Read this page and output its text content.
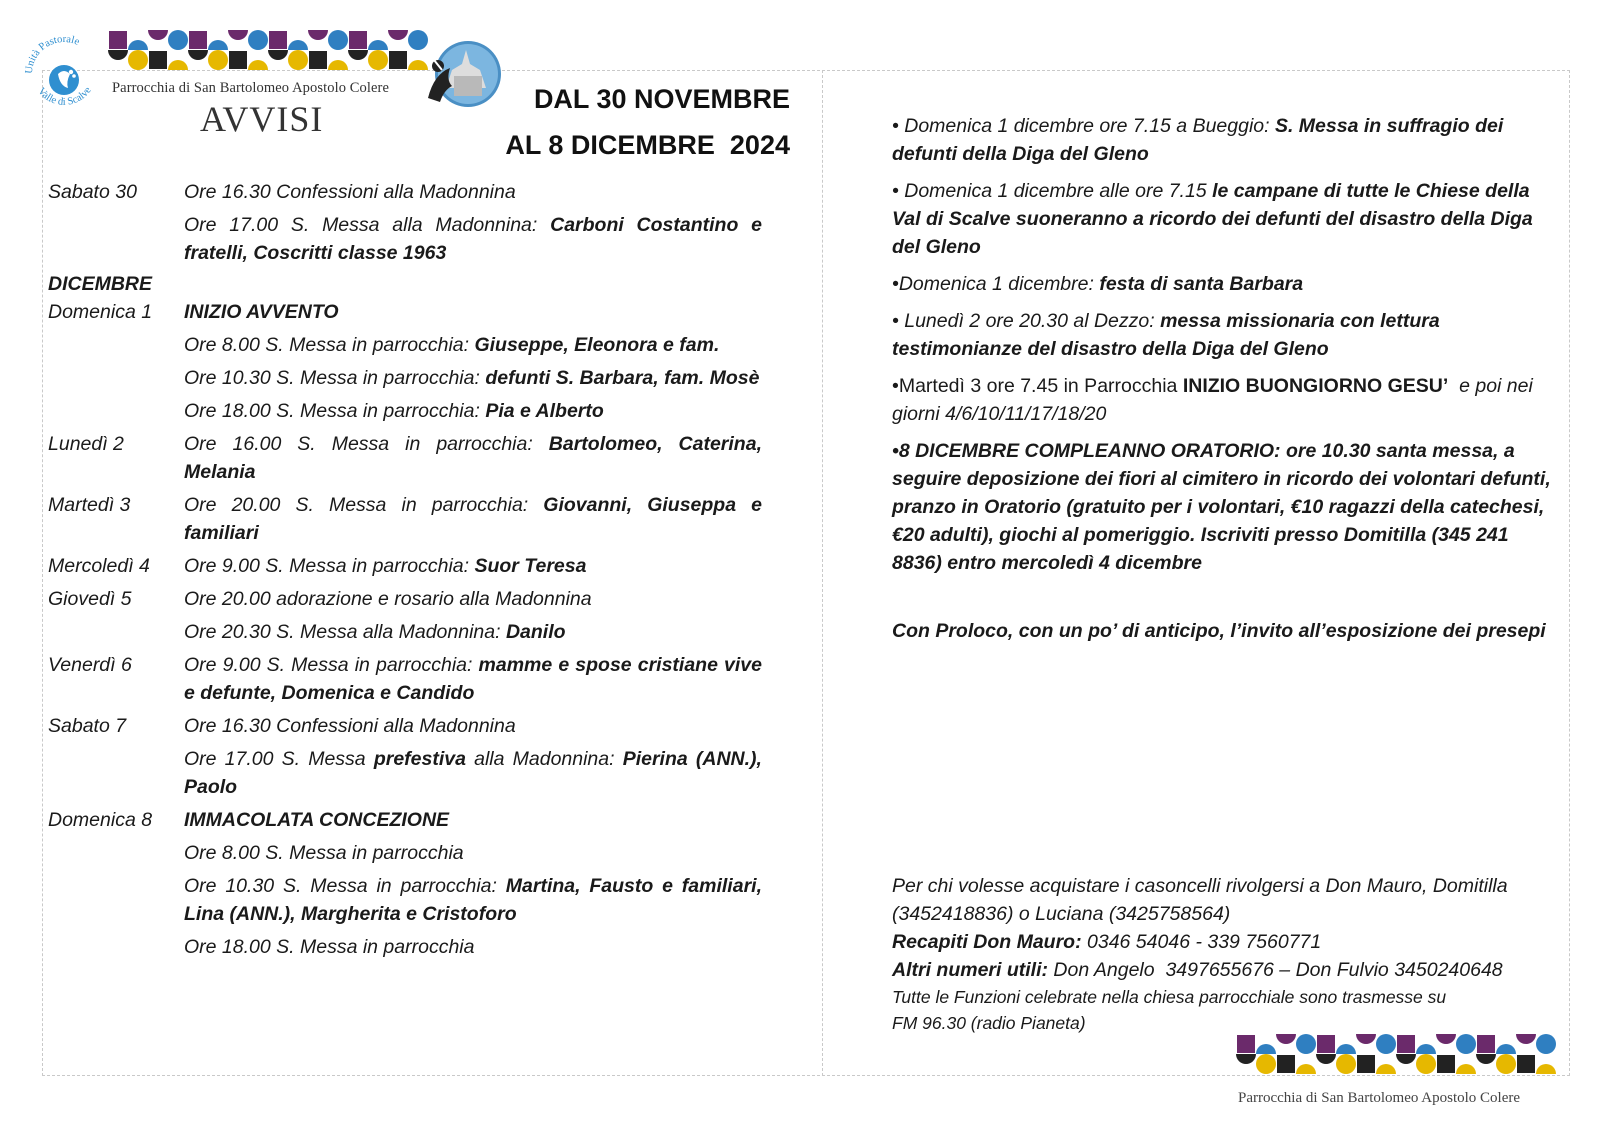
Unità Pastorale
Valle di Scalve Parrocchia di San Bartolomeo Apostolo Colere
AVVISI	DAL 30 NOVEMBRE
AL 8 DICEMBRE  2024
Sabato 30	Ore 16.30 Confessioni alla Madonnina
Ore 17.00 S. Messa alla Madonnina: Carboni Costantino e fratelli, Coscritti classe 1963
DICEMBRE
Domenica 1	INIZIO AVVENTO
Ore 8.00 S. Messa in parrocchia: Giuseppe, Eleonora e fam.
Ore 10.30 S. Messa in parrocchia: defunti S. Barbara, fam. Mosè
Ore 18.00 S. Messa in parrocchia: Pia e Alberto
Lunedì 2	Ore 16.00 S. Messa in parrocchia: Bartolomeo, Caterina, Melania
Martedì 3	Ore 20.00 S. Messa in parrocchia: Giovanni, Giuseppa e familiari
Mercoledì 4	Ore 9.00 S. Messa in parrocchia: Suor Teresa
Giovedì 5	Ore 20.00 adorazione e rosario alla Madonnina
Ore 20.30 S. Messa alla Madonnina: Danilo
Venerdì 6	Ore 9.00 S. Messa in parrocchia: mamme e spose cristiane vive e defunte, Domenica e Candido
Sabato 7	Ore 16.30 Confessioni alla Madonnina
Ore 17.00 S. Messa prefestiva alla Madonnina: Pierina (ANN.), Paolo
Domenica 8	IMMACOLATA CONCEZIONE
Ore 8.00 S. Messa in parrocchia
Ore 10.30 S. Messa in parrocchia: Martina, Fausto e familiari, Lina (ANN.), Margherita e Cristoforo
Ore 18.00 S. Messa in parrocchia
• Domenica 1 dicembre ore 7.15 a Bueggio: S. Messa in suffragio dei defunti della Diga del Gleno
• Domenica 1 dicembre alle ore 7.15 le campane di tutte le Chiese della Val di Scalve suoneranno a ricordo dei defunti del disastro della Diga del Gleno
•Domenica 1 dicembre: festa di santa Barbara
• Lunedì 2 ore 20.30 al Dezzo: messa missionaria con lettura testimonianze del disastro della Diga del Gleno
•Martedì 3 ore 7.45 in Parrocchia INIZIO BUONGIORNO GESU’  e poi nei giorni 4/6/10/11/17/18/20
•8 DICEMBRE COMPLEANNO ORATORIO: ore 10.30 santa messa, a seguire deposizione dei fiori al cimitero in ricordo dei volontari defunti, pranzo in Oratorio (gratuito per i volontari, €10 ragazzi della catechesi, €20 adulti), giochi al pomeriggio. Iscriviti presso Domitilla (345 241 8836) entro mercoledì 4 dicembre
Con Proloco, con un po’ di anticipo, l’invito all’esposizione dei presepi
Per chi volesse acquistare i casoncelli rivolgersi a Don Mauro, Domitilla (3452418836) o Luciana (3425758564)
Recapiti Don Mauro: 0346 54046 - 339 7560771
Altri numeri utili: Don Angelo  3497655676 – Don Fulvio 3450240648
Tutte le Funzioni celebrate nella chiesa parrocchiale sono trasmesse su
FM 96.30 (radio Pianeta)
Parrocchia di San Bartolomeo Apostolo Colere
